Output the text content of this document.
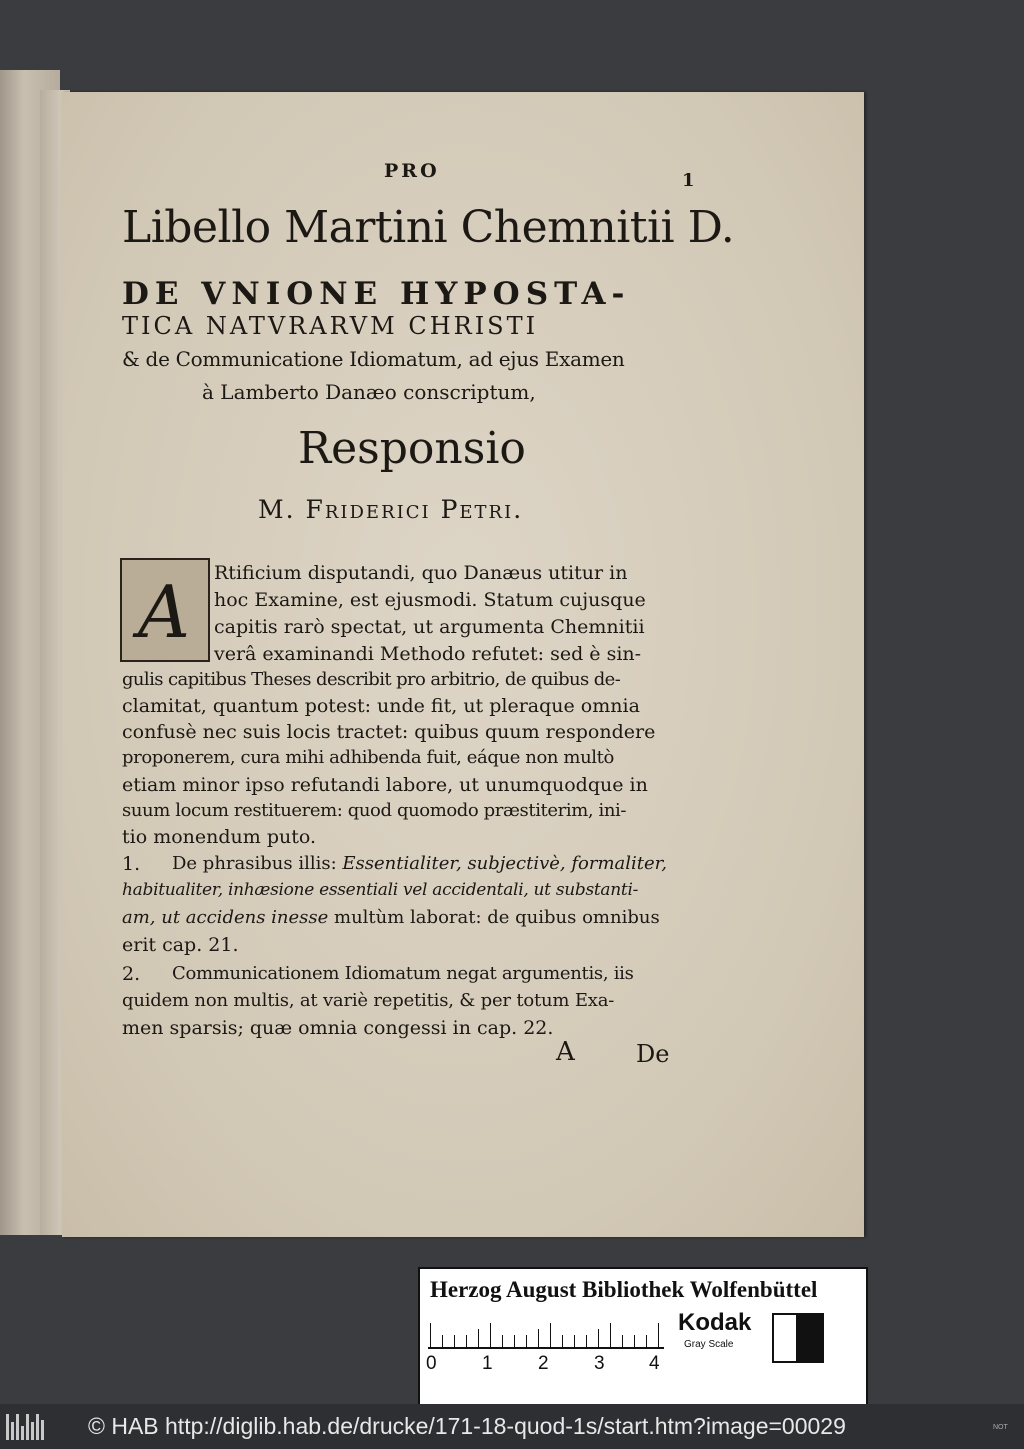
PRO	1
Libello Martini Chemnitii D.
DE VNIONE HYPOSTA-
TICA NATVRARVM CHRISTI
& de Communicatione Idiomatum, ad ejus Examen
à Lamberto Danæo conscriptum,
Responsio
M. Friderici Petri.
A Rtificium disputandi, quo Danæus utitur in
hoc Examine, est ejusmodi. Statum cujusque
capitis rarò spectat, ut argumenta Chemnitii
verâ examinandi Methodo refutet: sed è sin-
gulis capitibus Theses describit pro arbitrio, de quibus de-
clamitat, quantum potest: unde fit, ut pleraque omnia
confusè nec suis locis tractet: quibus quum respondere
proponerem, cura mihi adhibenda fuit, eáque non multò
etiam minor ipso refutandi labore, ut unumquodque in
suum locum restituerem: quod quomodo præstiterim, ini-
tio monendum puto.
1. De phrasibus illis: Essentialiter, subjectivè, formaliter,
habitualiter, inhæsione essentiali vel accidentali, ut substanti-
am, ut accidens inesse multùm laborat: de quibus omnibus
erit cap. 21.
2. Communicationem Idiomatum negat argumentis, iis
quidem non multis, at variè repetitis, & per totum Exa-
men sparsis; quæ omnia congessi in cap. 22.
A	De
Herzog August Bibliothek Wolfenbüttel
0 1 2 3 4
Kodak
Gray Scale
© HAB http://diglib.hab.de/drucke/171-18-quod-1s/start.htm?image=00029	NOT
